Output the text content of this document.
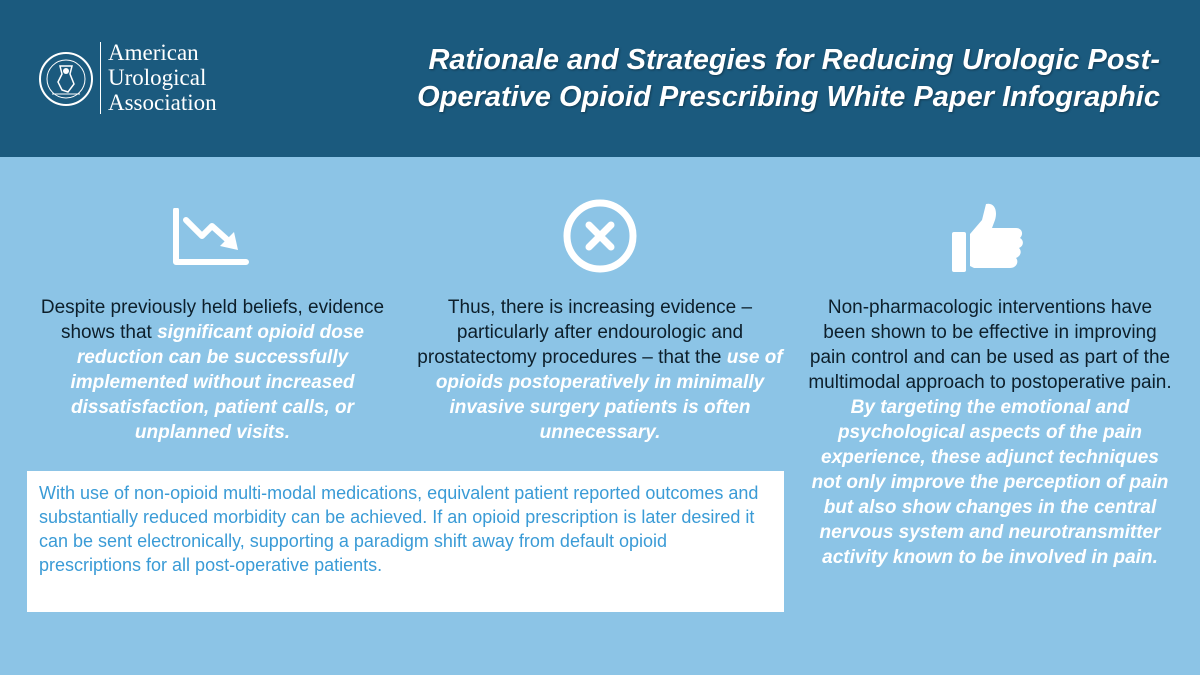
American
Urological
Association
Rationale and Strategies for Reducing Urologic Post-
Operative Opioid Prescribing White Paper Infographic
Despite previously held beliefs, evidence shows that significant opioid dose reduction can be successfully implemented without increased dissatisfaction, patient calls, or unplanned visits.
Thus, there is increasing evidence – particularly after endourologic and prostatectomy procedures – that the use of opioids postoperatively in minimally invasive surgery patients is often unnecessary.
Non-pharmacologic interventions have been shown to be effective in improving pain control and can be used as part of the multimodal approach to postoperative pain.
By targeting the emotional and psychological aspects of the pain experience, these adjunct techniques not only improve the perception of pain but also show changes in the central nervous system and neurotransmitter activity known to be involved in pain.
With use of non-opioid multi-modal medications, equivalent patient reported outcomes and substantially reduced morbidity can be achieved. If an opioid prescription is later desired it can be sent electronically, supporting a paradigm shift away from default opioid prescriptions for all post-operative patients.
